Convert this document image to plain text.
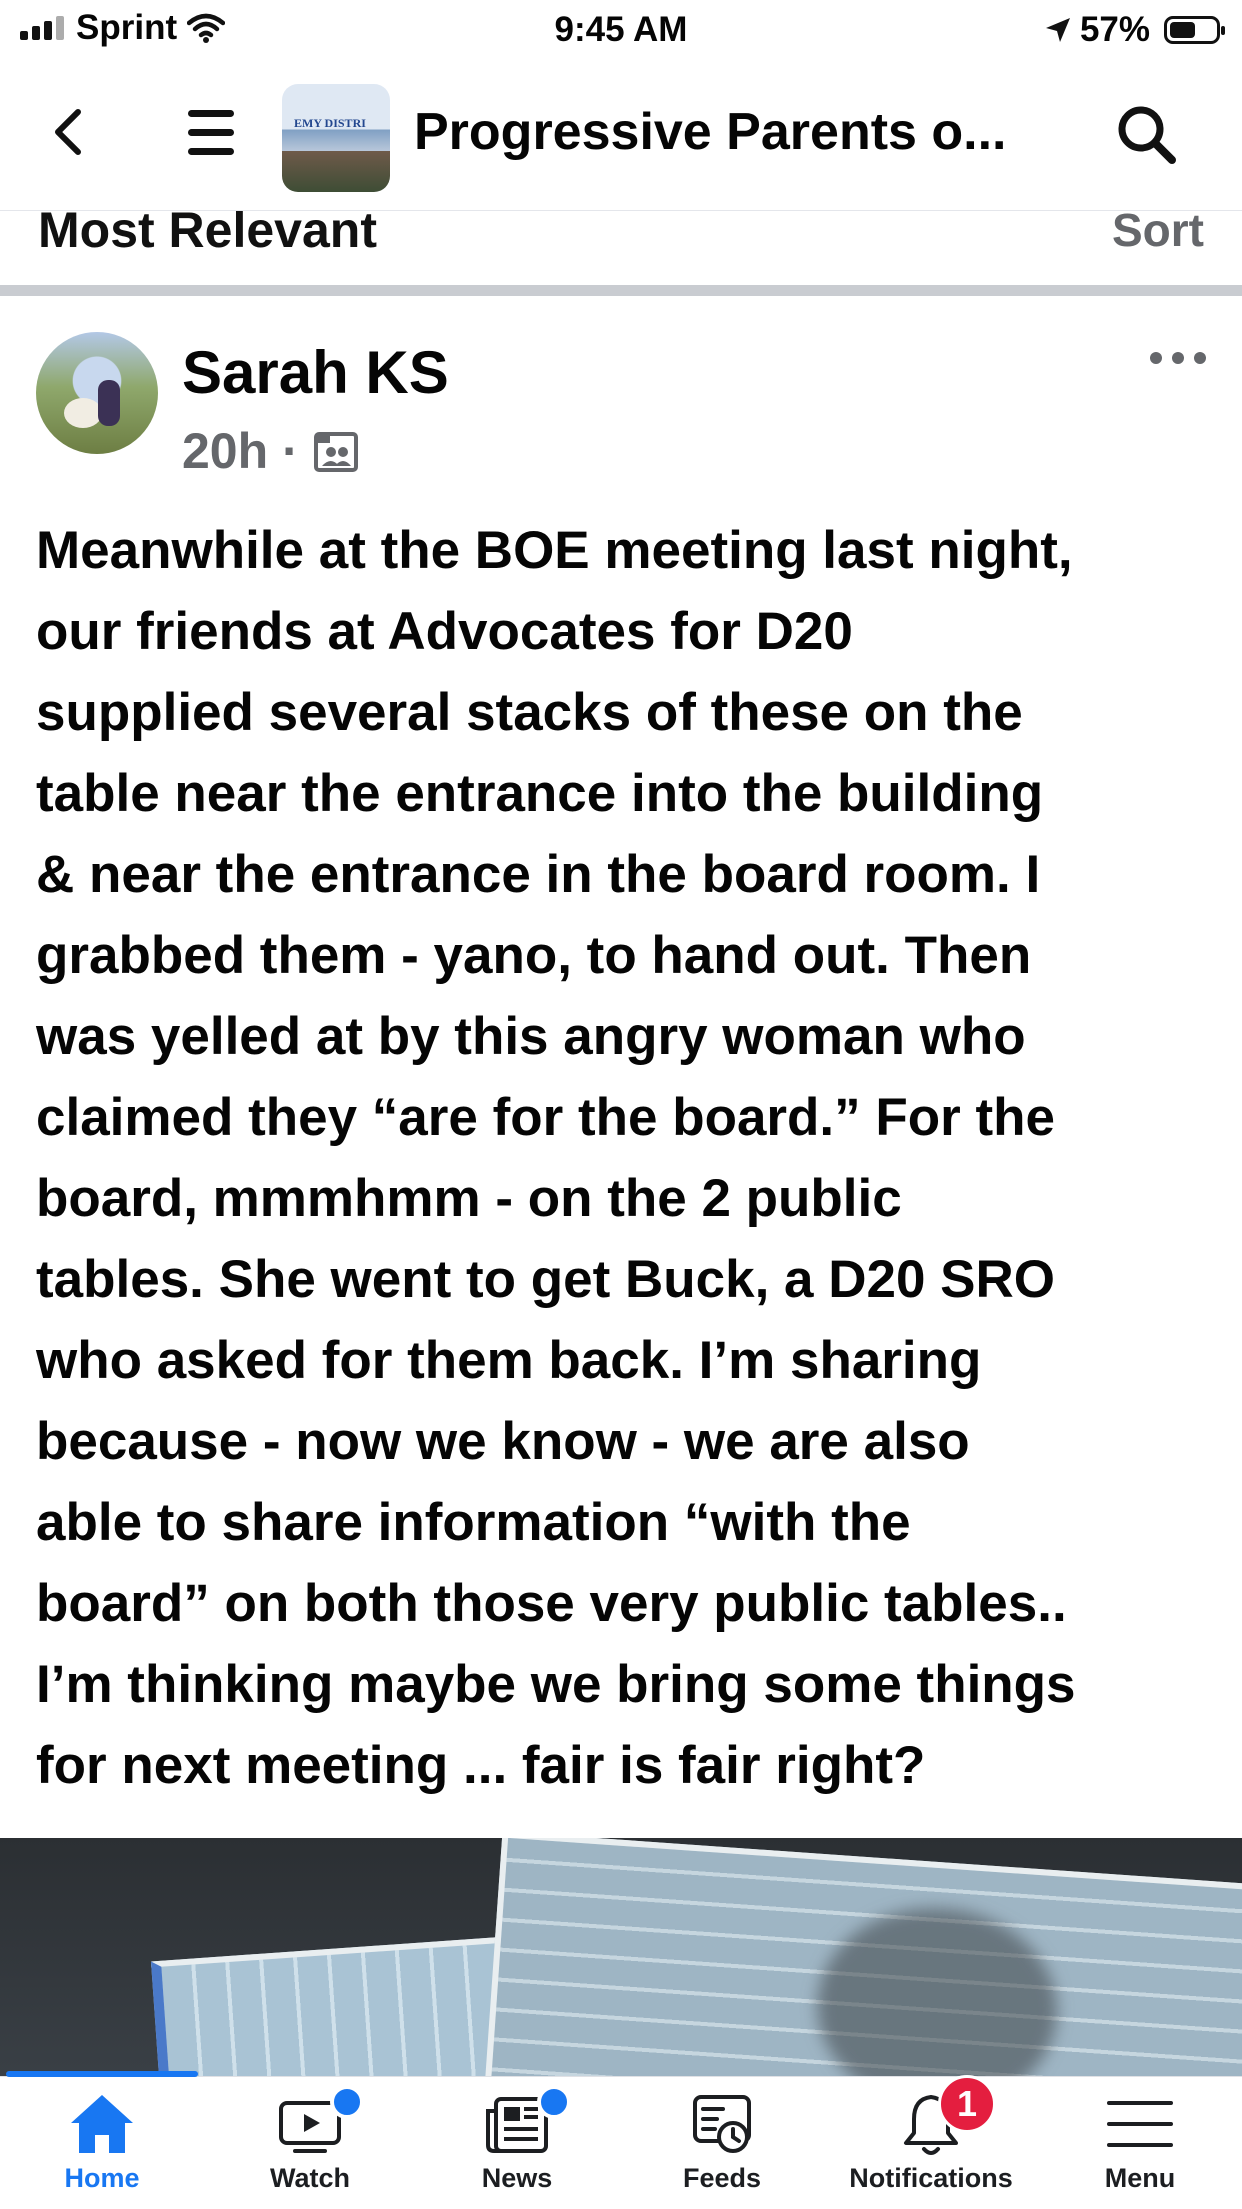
Sprint	9:45 AM	57%
EMY DISTRI Progressive Parents o...
Most Relevant	Sort
Sarah KS
20h ·
Meanwhile at the BOE meeting last night,
our friends at Advocates for D20
supplied several stacks of these on the
table near the entrance into the building
& near the entrance in the board room. I
grabbed them - yano, to hand out. Then
was yelled at by this angry woman who
claimed they “are for the board.” For the
board, mmmhmm - on the 2 public
tables. She went to get Buck, a D20 SRO
who asked for them back. I’m sharing
because - now we know - we are also
able to share information “with the
board” on both those very public tables..
I’m thinking maybe we bring some things
for next meeting ... fair is fair right?
Home	Watch	News	Feeds
1
Notifications	Menu
